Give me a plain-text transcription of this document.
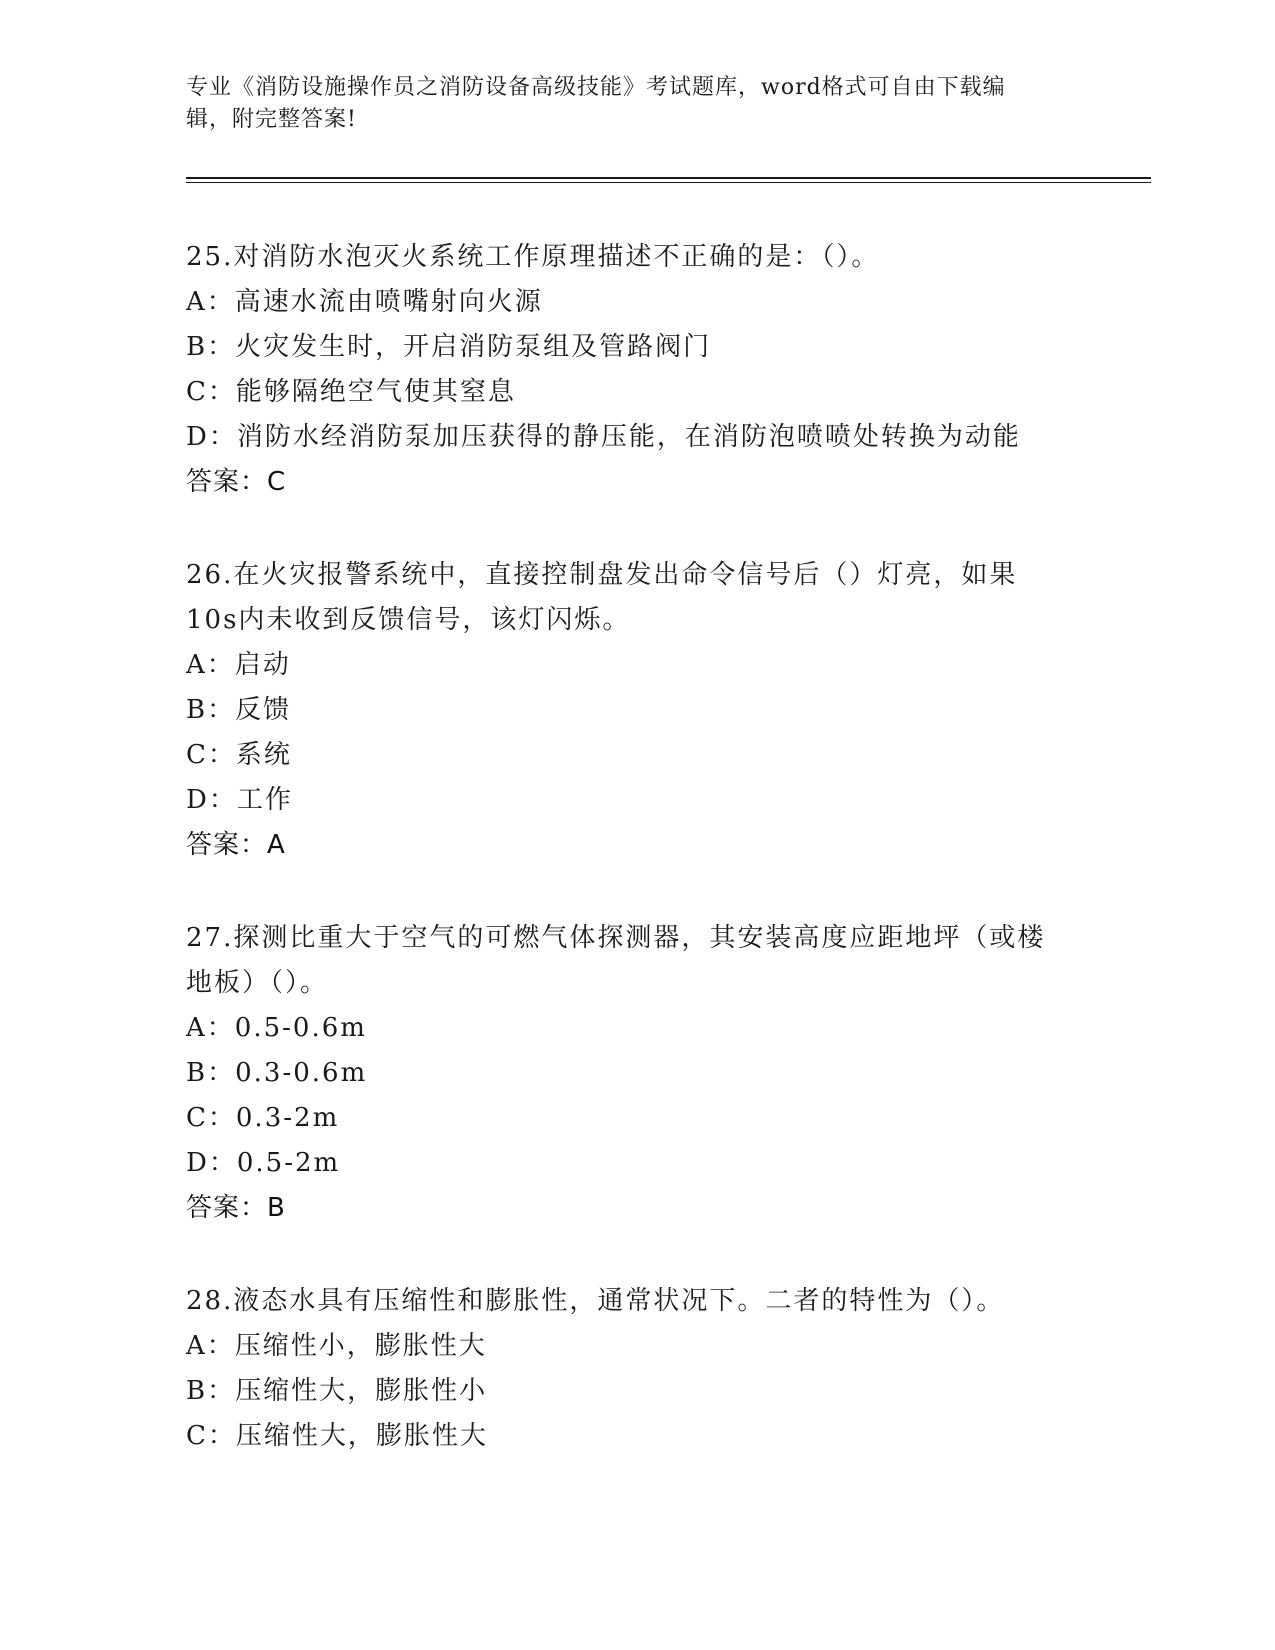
专业《消防设施操作员之消防设备高级技能》考试题库，word格式可自由下载编
辑，附完整答案!
25.对消防水泡灭火系统工作原理描述不正确的是：（）。
A：高速水流由喷嘴射向火源
B：火灾发生时，开启消防泵组及管路阀门
C：能够隔绝空气使其窒息
D：消防水经消防泵加压获得的静压能，在消防泡喷喷处转换为动能
答案：C
26.在火灾报警系统中，直接控制盘发出命令信号后（）灯亮，如果
10s内未收到反馈信号，该灯闪烁。
A：启动
B：反馈
C：系统
D：工作
答案：A
27.探测比重大于空气的可燃气体探测器，其安装高度应距地坪（或楼
地板）（）。
A：0.5-0.6m
B：0.3-0.6m
C：0.3-2m
D：0.5-2m
答案：B
28.液态水具有压缩性和膨胀性，通常状况下。二者的特性为（）。
A：压缩性小，膨胀性大
B：压缩性大，膨胀性小
C：压缩性大，膨胀性大
